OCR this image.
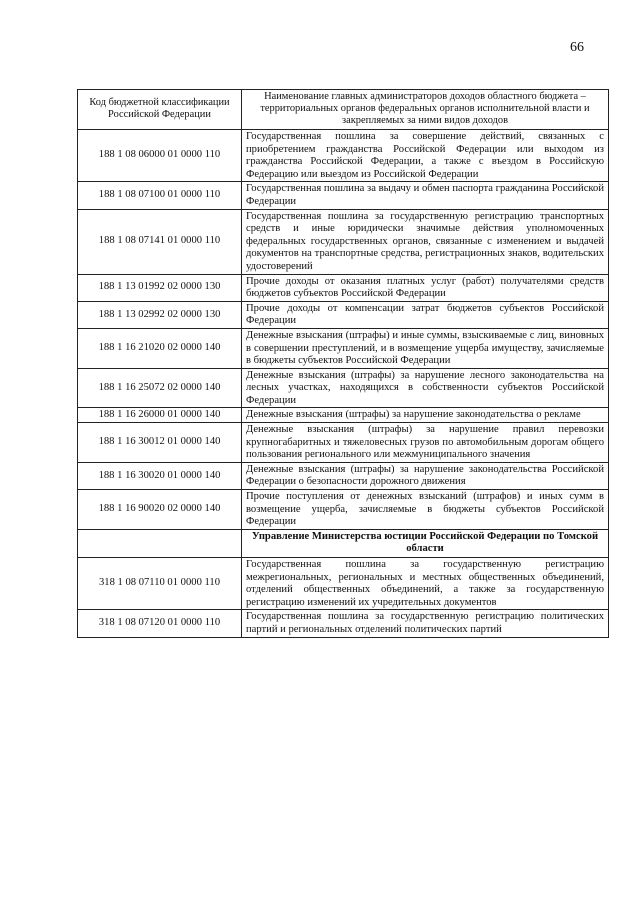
66
Код бюджетной классификации Российской Федерации	Наименование главных администраторов доходов областного бюджета – территориальных органов федеральных органов исполнительной власти и закрепляемых за ними видов доходов
188 1 08 06000 01 0000 110	Государственная пошлина за совершение действий, связанных с приобретением гражданства Российской Федерации или выходом из гражданства Российской Федерации, а также с въездом в Российскую Федерацию или выездом из Российской Федерации
188 1 08 07100 01 0000 110	Государственная пошлина за выдачу и обмен паспорта гражданина Российской Федерации
188 1 08 07141 01 0000 110	Государственная пошлина за государственную регистрацию транспортных средств и иные юридически значимые действия уполномоченных федеральных государственных органов, связанные с изменением и выдачей документов на транспортные средства, регистрационных знаков, водительских удостоверений
188 1 13 01992 02 0000 130	Прочие доходы от оказания платных услуг (работ) получателями средств бюджетов субъектов Российской Федерации
188 1 13 02992 02 0000 130	Прочие доходы от компенсации затрат бюджетов субъектов Российской Федерации
188 1 16 21020 02 0000 140	Денежные взыскания (штрафы) и иные суммы, взыскиваемые с лиц, виновных в совершении преступлений, и в возмещение ущерба имуществу, зачисляемые в бюджеты субъектов Российской Федерации
188 1 16 25072 02 0000 140	Денежные взыскания (штрафы) за нарушение лесного законодательства на лесных участках, находящихся в собственности субъектов Российской Федерации
188 1 16 26000 01 0000 140	Денежные взыскания (штрафы) за нарушение законодательства о рекламе
188 1 16 30012 01 0000 140	Денежные взыскания (штрафы) за нарушение правил перевозки крупногабаритных и тяжеловесных грузов по автомобильным дорогам общего пользования регионального или межмуниципального значения
188 1 16 30020 01 0000 140	Денежные взыскания (штрафы) за нарушение законодательства Российской Федерации о безопасности дорожного движения
188 1 16 90020 02 0000 140	Прочие поступления от денежных взысканий (штрафов) и иных сумм в возмещение ущерба, зачисляемые в бюджеты субъектов Российской Федерации
	Управление Министерства юстиции Российской Федерации по Томской области
318 1 08 07110 01 0000 110	Государственная пошлина за государственную регистрацию межрегиональных, региональных и местных общественных объединений, отделений общественных объединений, а также за государственную регистрацию изменений их учредительных документов
318 1 08 07120 01 0000 110	Государственная пошлина за государственную регистрацию политических партий и региональных отделений политических партий
